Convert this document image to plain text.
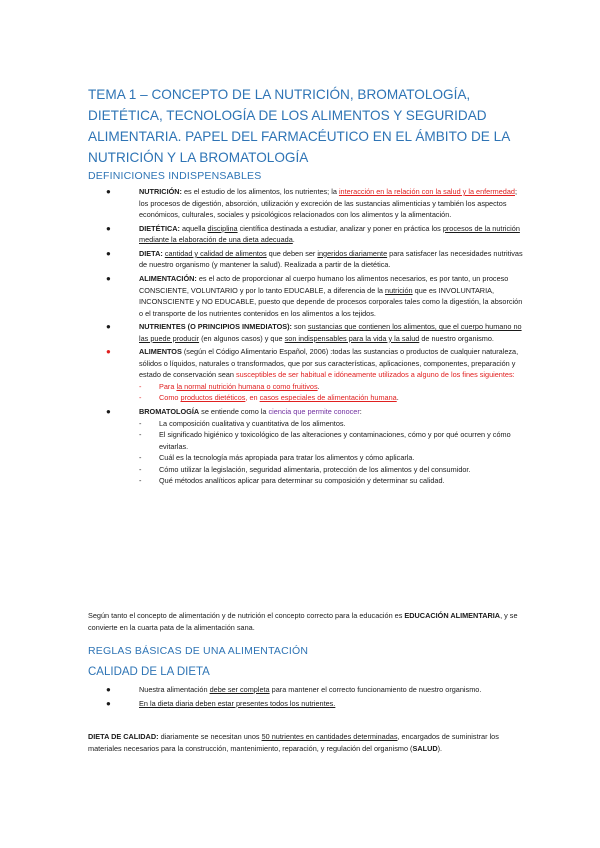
TEMA 1 – CONCEPTO DE LA NUTRICIÓN, BROMATOLOGÍA, DIETÉTICA, TECNOLOGÍA DE LOS ALIMENTOS Y SEGURIDAD ALIMENTARIA. PAPEL DEL FARMACÉUTICO EN EL ÁMBITO DE LA NUTRICIÓN Y LA BROMATOLOGÍA
DEFINICIONES INDISPENSABLES
●	NUTRICIÓN: es el estudio de los alimentos, los nutrientes; la interacción en la relación con la salud y la enfermedad; los procesos de digestión, absorción, utilización y excreción de las sustancias alimenticias y también los aspectos económicos, culturales, sociales y psicológicos relacionados con los alimentos y la alimentación.
●	DIETÉTICA: aquella disciplina científica destinada a estudiar, analizar y poner en práctica los procesos de la nutrición mediante la elaboración de una dieta adecuada.
●	DIETA: cantidad y calidad de alimentos que deben ser ingeridos diariamente para satisfacer las necesidades nutritivas de nuestro organismo (y mantener la salud). Realizada a partir de la dietética.
●	ALIMENTACIÓN: es el acto de proporcionar al cuerpo humano los alimentos necesarios, es por tanto, un proceso CONSCIENTE, VOLUNTARIO y por lo tanto EDUCABLE, a diferencia de la nutrición que es INVOLUNTARIA, INCONSCIENTE y NO EDUCABLE, puesto que depende de procesos corporales tales como la digestión, la absorción o el transporte de los nutrientes contenidos en los alimentos a los tejidos.
●	NUTRIENTES (O PRINCIPIOS INMEDIATOS): son sustancias que contienen los alimentos, que el cuerpo humano no las puede producir (en algunos casos) y que son indispensables para la vida y la salud de nuestro organismo.
●	ALIMENTOS (según el Código Alimentario Español, 2006) :todas las sustancias o productos de cualquier naturaleza, sólidos o líquidos, naturales o transformados, que por sus características, aplicaciones, componentes, preparación y estado de conservación sean susceptibles de ser habitual e idóneamente utilizados a alguno de los fines siguientes:
- Para la normal nutrición humana o como fruitivos.
- Como productos dietéticos, en casos especiales de alimentación humana.
●	BROMATOLOGÍA se entiende como la ciencia que permite conocer:
- La composición cualitativa y cuantitativa de los alimentos.
- El significado higiénico y toxicológico de las alteraciones y contaminaciones, cómo y por qué ocurren y cómo evitarlas.
- Cuál es la tecnología más apropiada para tratar los alimentos y cómo aplicarla.
- Cómo utilizar la legislación, seguridad alimentaria, protección de los alimentos y del consumidor.
- Qué métodos analíticos aplicar para determinar su composición y determinar su calidad.

Según tanto el concepto de alimentación y de nutrición el concepto correcto para la educación es EDUCACIÓN ALIMENTARIA, y se convierte en la cuarta pata de la alimentación sana.

REGLAS BÁSICAS DE UNA ALIMENTACIÓN
CALIDAD DE LA DIETA
●	Nuestra alimentación debe ser completa para mantener el correcto funcionamiento de nuestro organismo.
●	En la dieta diaria deben estar presentes todos los nutrientes.

DIETA DE CALIDAD: diariamente se necesitan unos 50 nutrientes en cantidades determinadas, encargados de suministrar los materiales necesarios para la construcción, mantenimiento, reparación, y regulación del organismo (SALUD).
